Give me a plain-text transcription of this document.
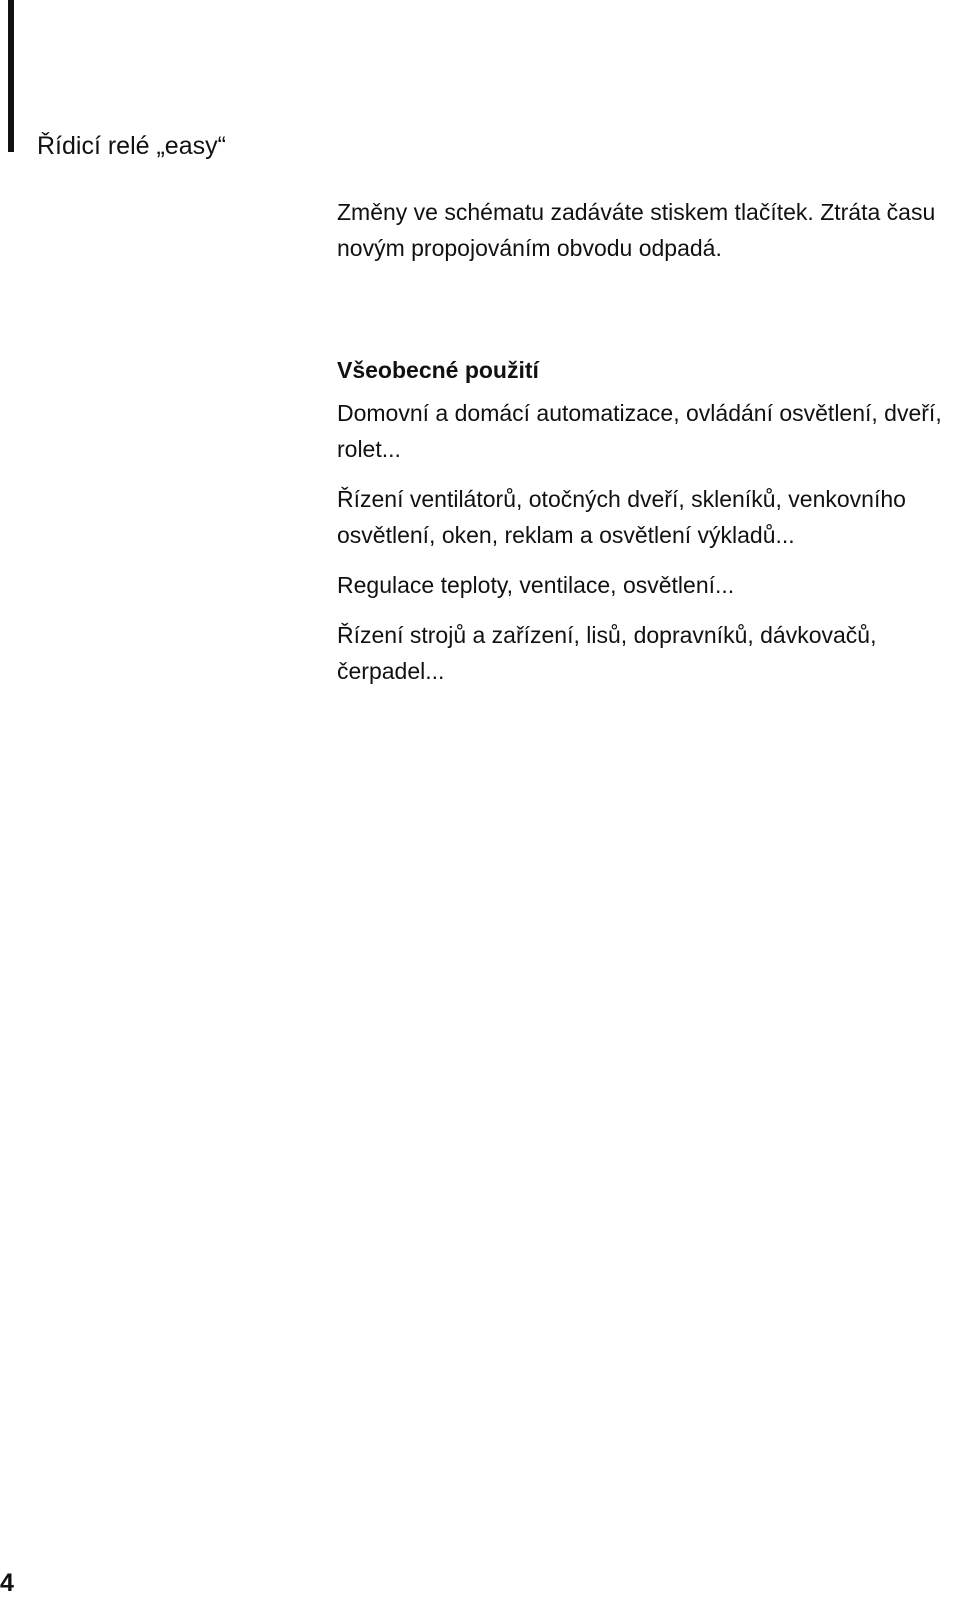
Řídicí relé „easy“

Změny ve schématu zadáváte stiskem tlačítek. Ztráta času novým propojováním obvodu odpadá.

Všeobecné použití

Domovní a domácí automatizace, ovládání osvětlení, dveří, rolet...

Řízení ventilátorů, otočných dveří, skleníků, venkovního osvětlení, oken, reklam a osvětlení výkladů...

Regulace teploty, ventilace, osvětlení...

Řízení strojů a zařízení, lisů, dopravníků, dávkovačů, čerpadel...

4
